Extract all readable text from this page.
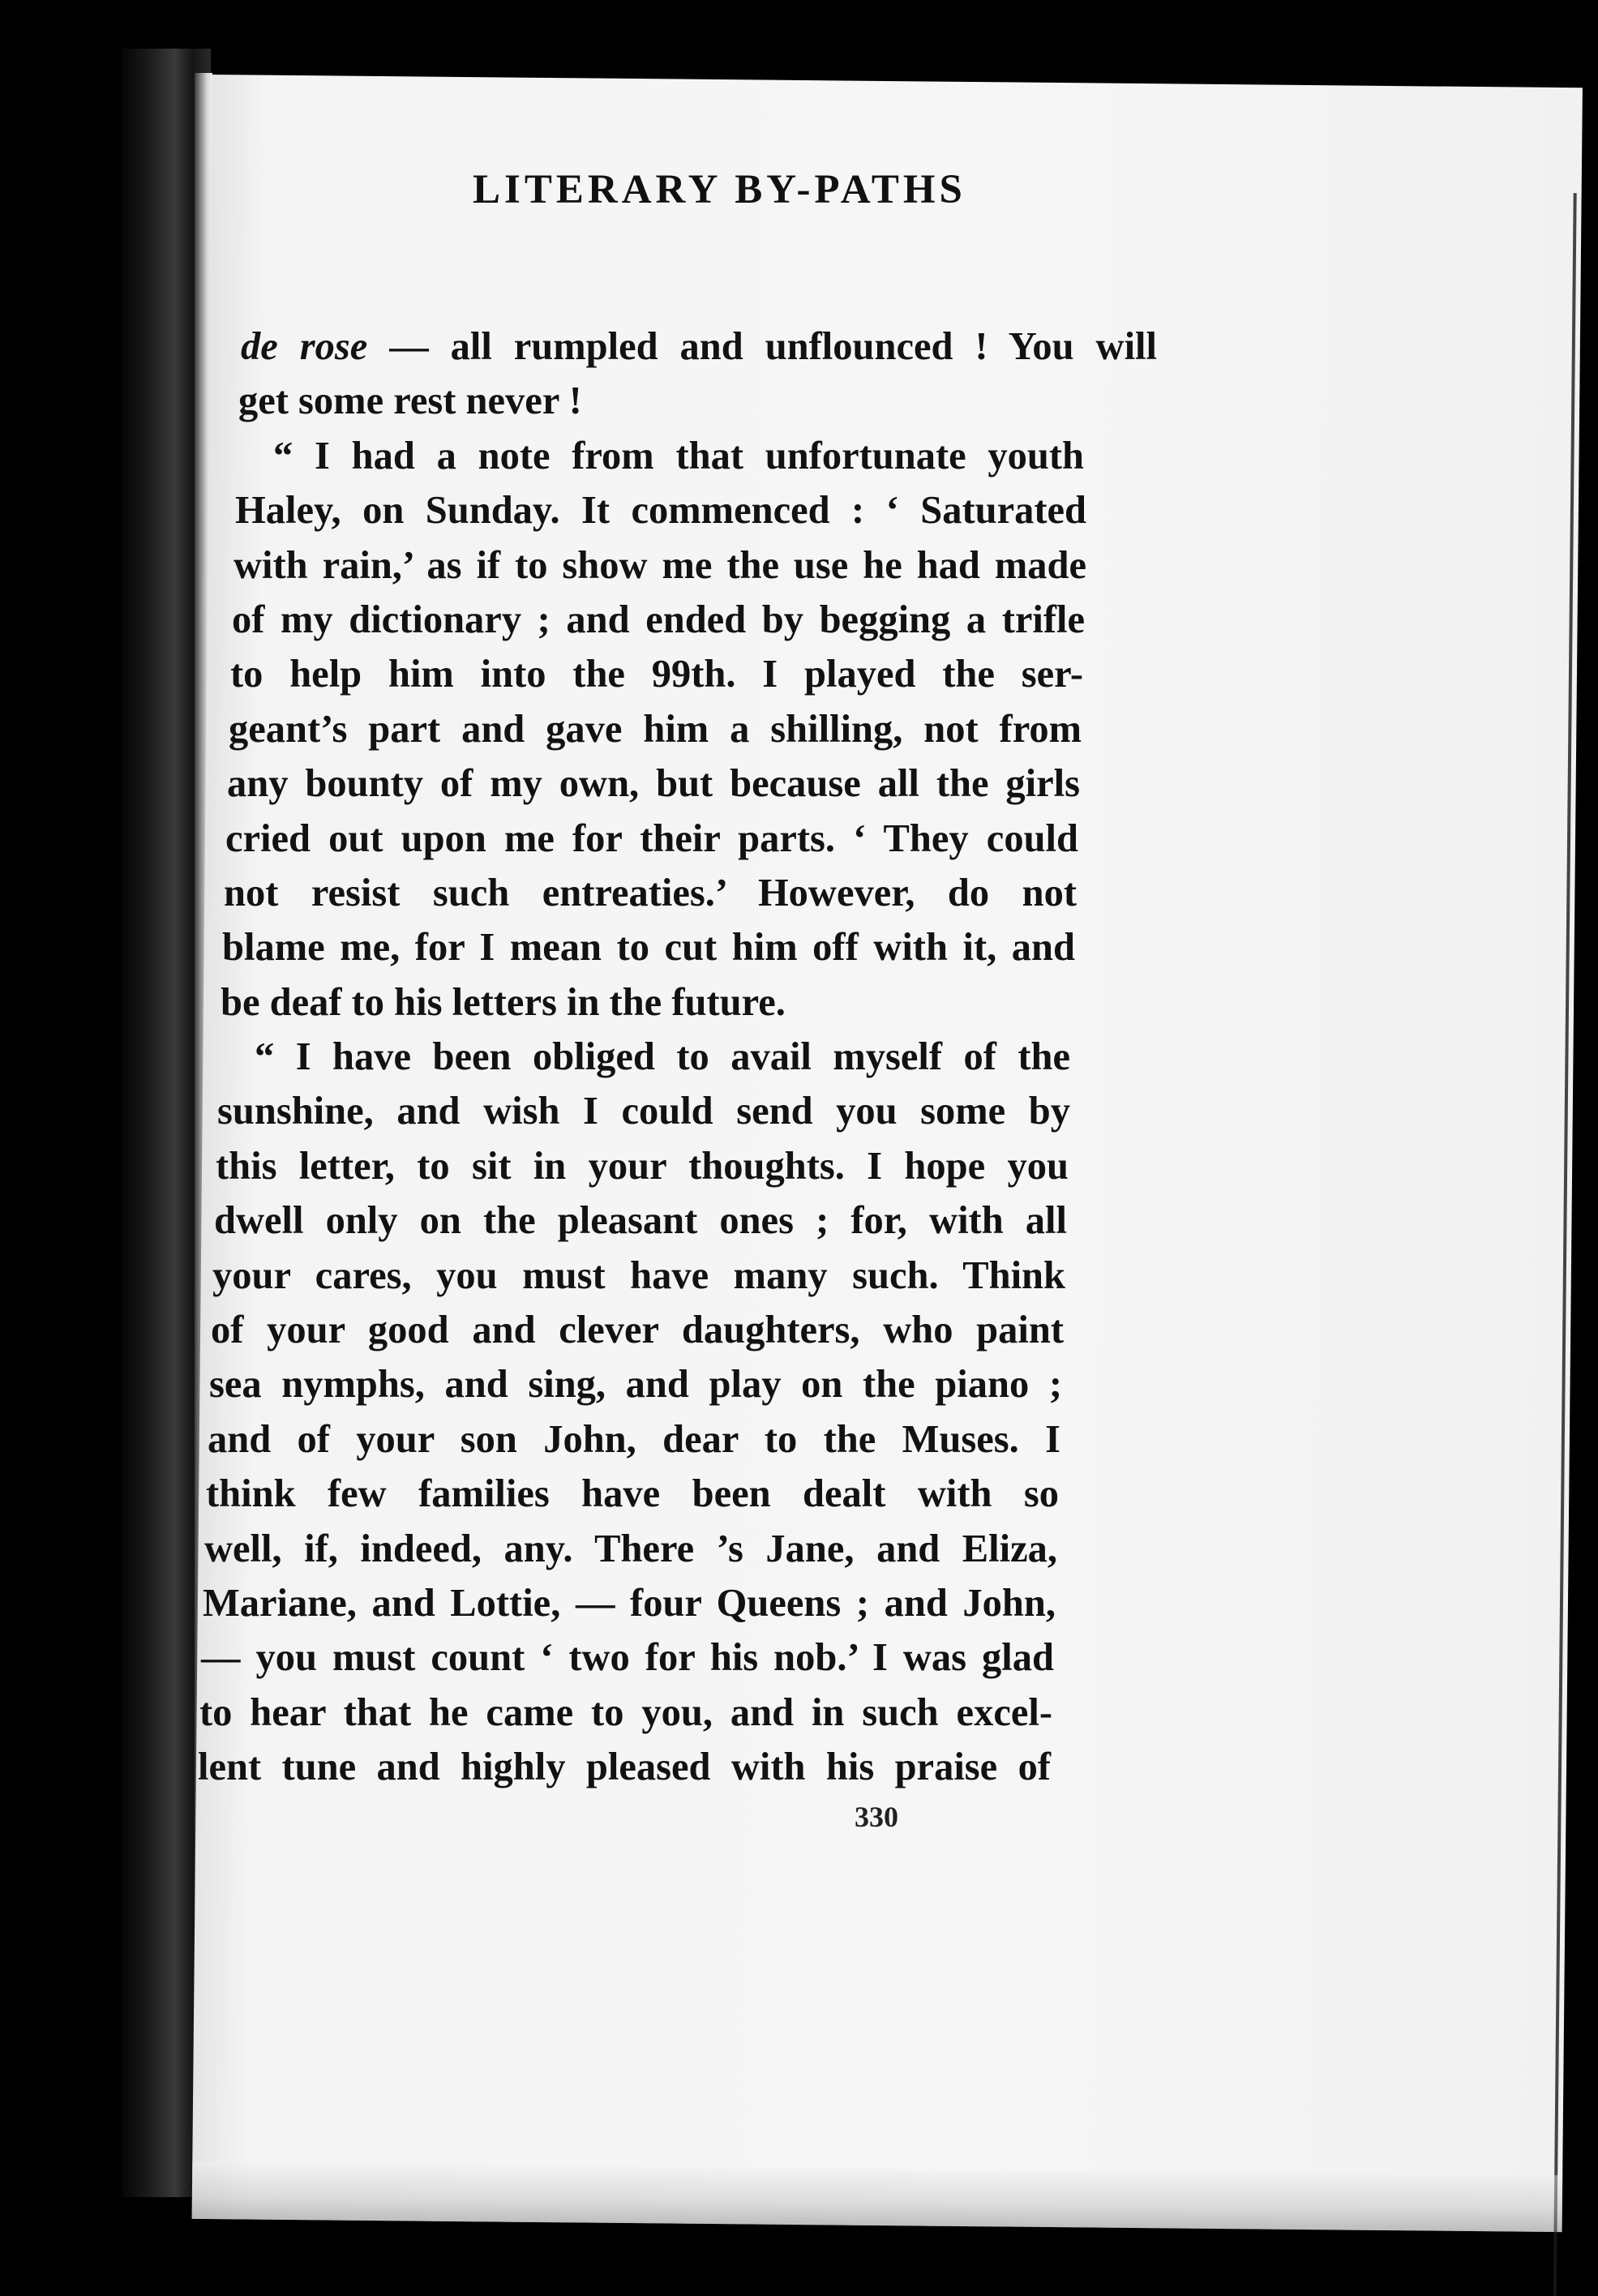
LITERARY BY-PATHS
de rose — all rumpled and unflounced ! You will
get some rest never !
“ I had a note from that unfortunate youth
Haley, on Sunday. It commenced : ‘ Saturated
with rain,’ as if to show me the use he had made
of my dictionary ; and ended by begging a trifle
to help him into the 99th. I played the ser-
geant’s part and gave him a shilling, not from
any bounty of my own, but because all the girls
cried out upon me for their parts. ‘ They could
not resist such entreaties.’ However, do not
blame me, for I mean to cut him off with it, and
be deaf to his letters in the future.
“ I have been obliged to avail myself of the
sunshine, and wish I could send you some by
this letter, to sit in your thoughts. I hope you
dwell only on the pleasant ones ; for, with all
your cares, you must have many such. Think
of your good and clever daughters, who paint
sea nymphs, and sing, and play on the piano ;
and of your son John, dear to the Muses. I
think few families have been dealt with so
well, if, indeed, any. There ’s Jane, and Eliza,
Mariane, and Lottie, — four Queens ; and John,
— you must count ‘ two for his nob.’ I was glad
to hear that he came to you, and in such excel-
lent tune and highly pleased with his praise of
330
